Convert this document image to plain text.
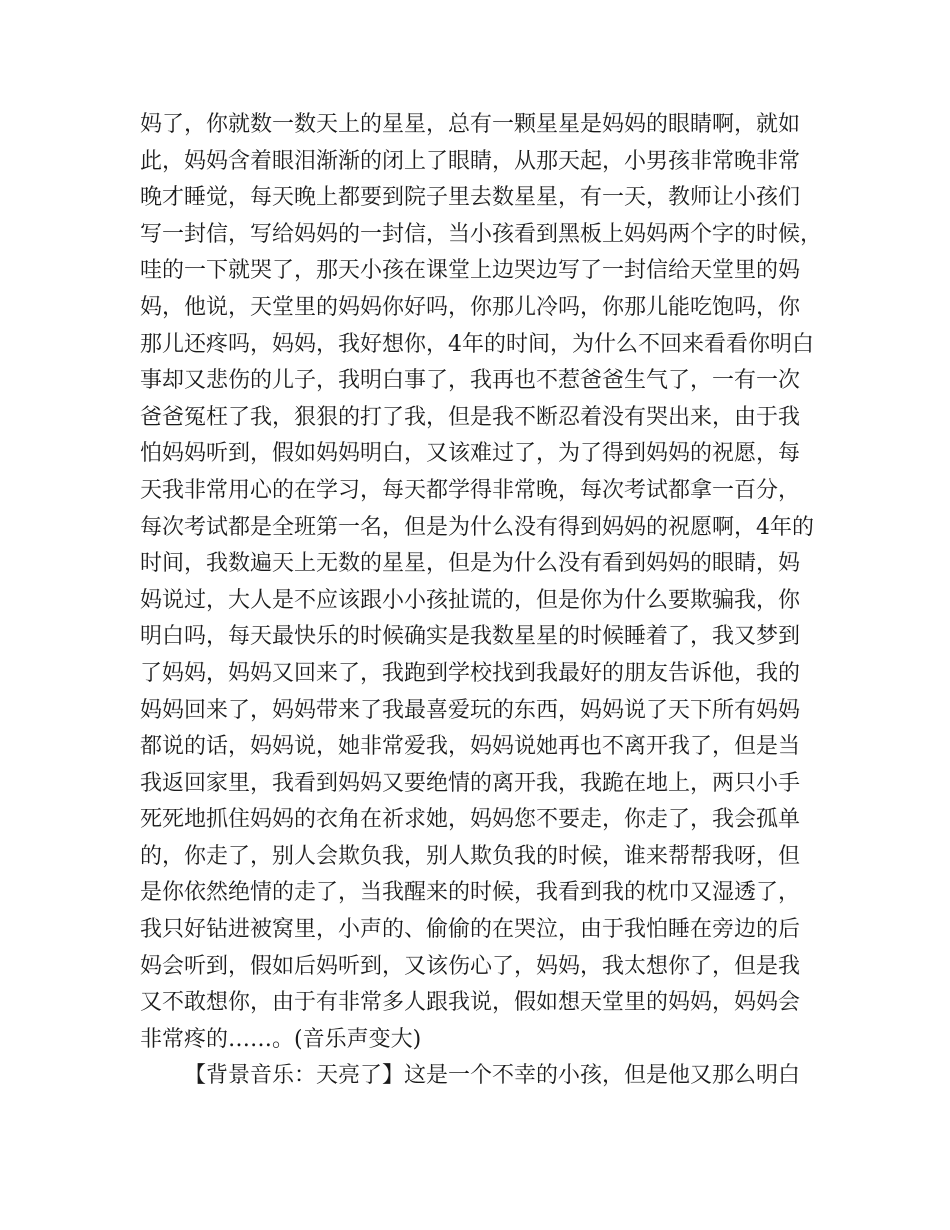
妈了，你就数一数天上的星星，总有一颗星星是妈妈的眼睛啊，就如
此，妈妈含着眼泪渐渐的闭上了眼睛，从那天起，小男孩非常晚非常
晚才睡觉，每天晚上都要到院子里去数星星，有一天，教师让小孩们
写一封信，写给妈妈的一封信，当小孩看到黑板上妈妈两个字的时候，
哇的一下就哭了，那天小孩在课堂上边哭边写了一封信给天堂里的妈
妈，他说，天堂里的妈妈你好吗，你那儿冷吗，你那儿能吃饱吗，你
那儿还疼吗，妈妈，我好想你，4年的时间，为什么不回来看看你明白
事却又悲伤的儿子，我明白事了，我再也不惹爸爸生气了，一有一次
爸爸冤枉了我，狠狠的打了我，但是我不断忍着没有哭出来，由于我
怕妈妈听到，假如妈妈明白，又该难过了，为了得到妈妈的祝愿，每
天我非常用心的在学习，每天都学得非常晚，每次考试都拿一百分，
每次考试都是全班第一名，但是为什么没有得到妈妈的祝愿啊，4年的
时间，我数遍天上无数的星星，但是为什么没有看到妈妈的眼睛，妈
妈说过，大人是不应该跟小小孩扯谎的，但是你为什么要欺骗我，你
明白吗，每天最快乐的时候确实是我数星星的时候睡着了，我又梦到
了妈妈，妈妈又回来了，我跑到学校找到我最好的朋友告诉他，我的
妈妈回来了，妈妈带来了我最喜爱玩的东西，妈妈说了天下所有妈妈
都说的话，妈妈说，她非常爱我，妈妈说她再也不离开我了，但是当
我返回家里，我看到妈妈又要绝情的离开我，我跪在地上，两只小手
死死地抓住妈妈的衣角在祈求她，妈妈您不要走，你走了，我会孤单
的，你走了，别人会欺负我，别人欺负我的时候，谁来帮帮我呀，但
是你依然绝情的走了，当我醒来的时候，我看到我的枕巾又湿透了，
我只好钻进被窝里，小声的、偷偷的在哭泣，由于我怕睡在旁边的后
妈会听到，假如后妈听到，又该伤心了，妈妈，我太想你了，但是我
又不敢想你，由于有非常多人跟我说，假如想天堂里的妈妈，妈妈会
非常疼的……。(音乐声变大)
【背景音乐：天亮了】这是一个不幸的小孩，但是他又那么明白
